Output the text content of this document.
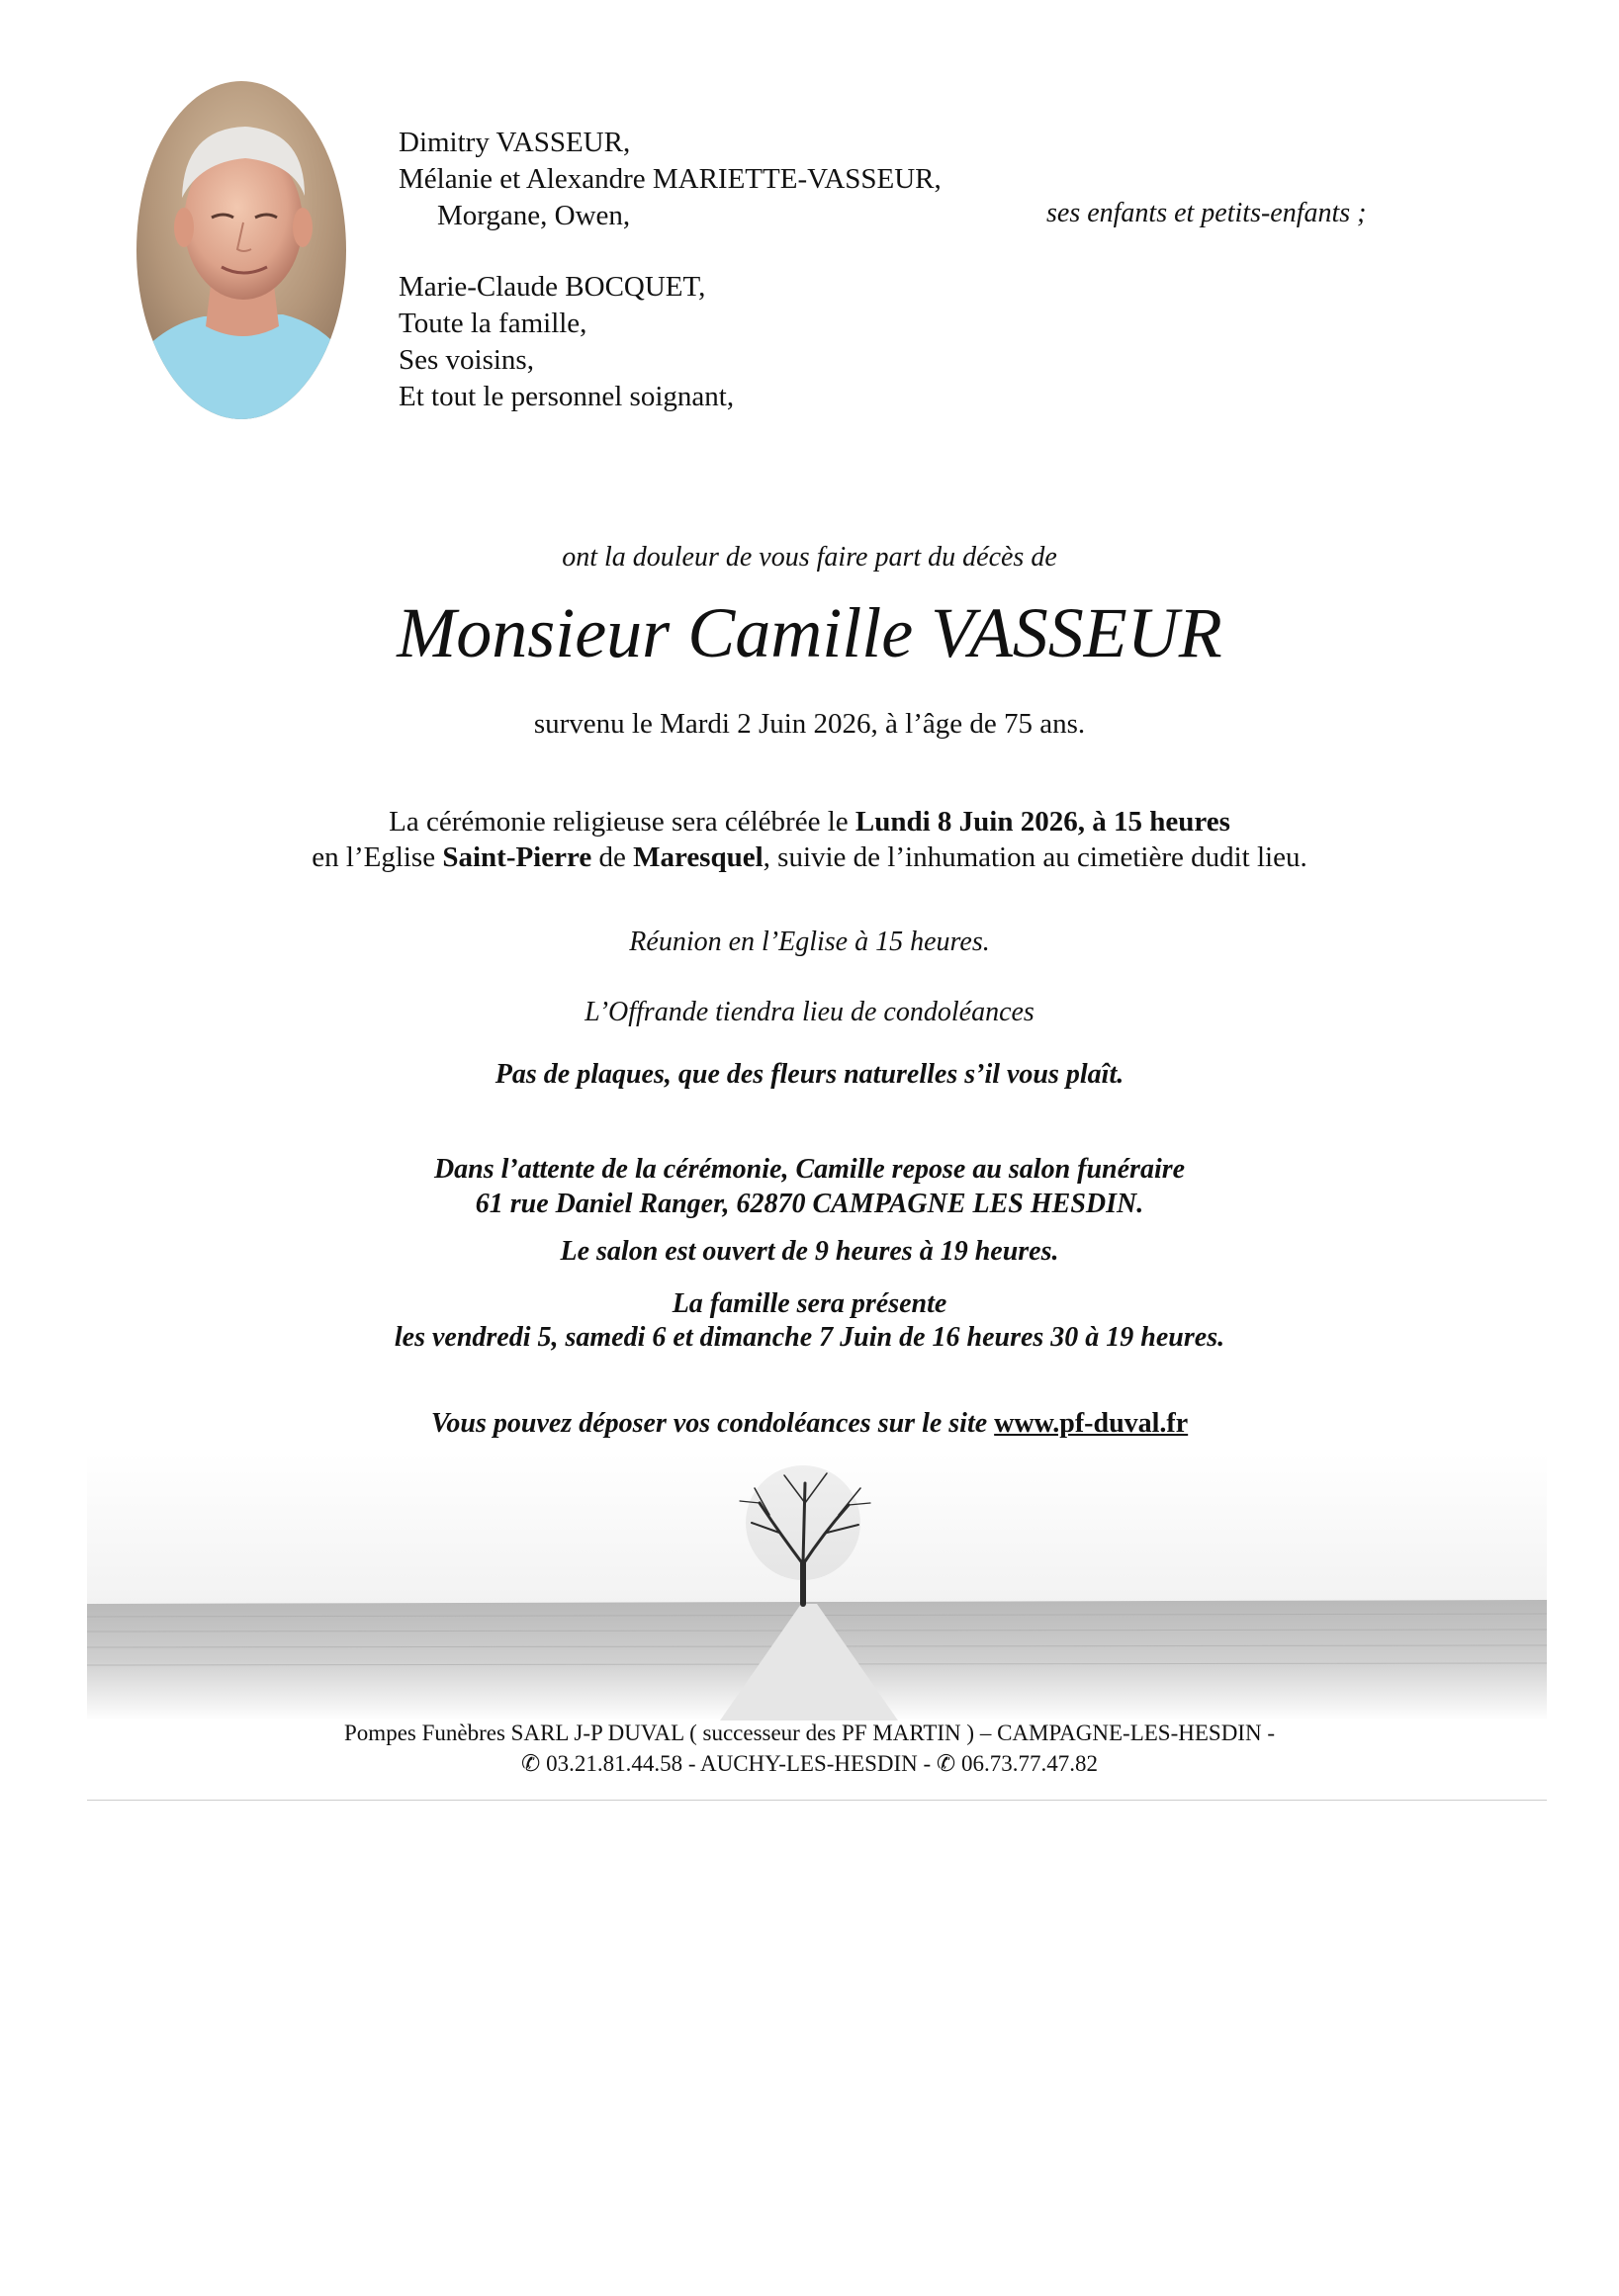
Dimitry VASSEUR,
Mélanie et Alexandre MARIETTE-VASSEUR,
Morgane, Owen,	ses enfants et petits-enfants ;
Marie-Claude BOCQUET,
Toute la famille,
Ses voisins,
Et tout le personnel soignant,
ont la douleur de vous faire part du décès de
Monsieur Camille VASSEUR
survenu le Mardi 2 Juin 2026, à l’âge de 75 ans.
La cérémonie religieuse sera célébrée le Lundi 8 Juin 2026, à 15 heures
en l’Eglise Saint-Pierre de Maresquel, suivie de l’inhumation au cimetière dudit lieu.
Réunion en l’Eglise à 15 heures.
L’Offrande tiendra lieu de condoléances
Pas de plaques, que des fleurs naturelles s’il vous plaît.
Dans l’attente de la cérémonie, Camille repose au salon funéraire
61 rue Daniel Ranger, 62870 CAMPAGNE LES HESDIN.
Le salon est ouvert de 9 heures à 19 heures.
La famille sera présente
les vendredi 5, samedi 6 et dimanche 7 Juin de 16 heures 30 à 19 heures.
Vous pouvez déposer vos condoléances sur le site www.pf-duval.fr
Pompes Funèbres SARL J-P DUVAL ( successeur des PF MARTIN ) – CAMPAGNE-LES-HESDIN -
✆ 03.21.81.44.58 - AUCHY-LES-HESDIN - ✆ 06.73.77.47.82
